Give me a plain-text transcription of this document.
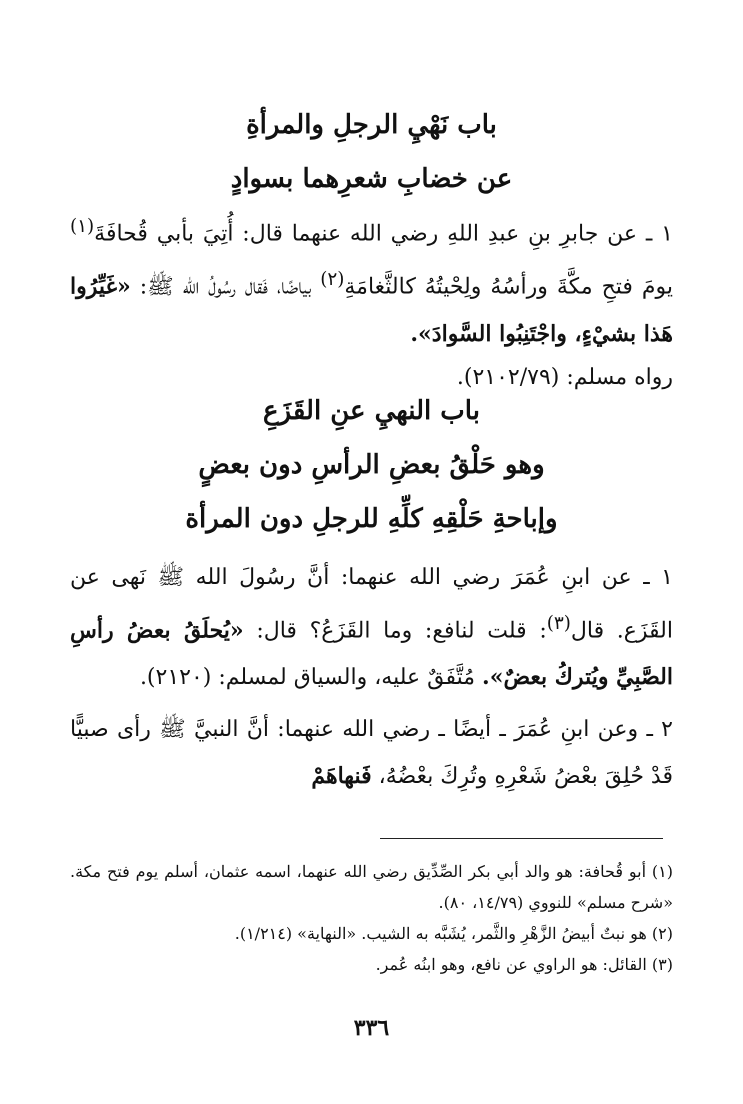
باب نَهْيِ الرجلِ والمرأةِ
عن خضابِ شعرِهما بسوادٍ

١ ـ عن جابرِ بنِ عبدِ اللهِ رضي الله عنهما قال: أُتِيَ بأبي قُحافَةَ$^{(١)}$ يومَ فتحِ مكَّةَ ورأسُهُ ولِحْيتُهُ كالثَّغامَةِ$^{(٢)}$ بياضًا، فَقال رسُولُ الله ﷺ: «غَيِّرُوا هَذا بشيْءٍ، واجْتَنِبُوا السَّوادَ».

رواه مسلم: (٢١٠٢/٧٩).

باب النهيِ عنِ القَزَعِ
وهو حَلْقُ بعضِ الرأسِ دون بعضٍ
وإباحةِ حَلْقِهِ كلِّهِ للرجلِ دون المرأة

١ ـ عن ابنِ عُمَرَ رضي الله عنهما: أنَّ رسُولَ الله ﷺ نَهى عن القَزَع. قال$^{(٣)}$: قلت لنافع: وما القَزَعُ؟ قال: «يُحلَقُ بعضُ رأسِ الصَّبِيِّ ويُتركُ بعضٌ». مُتَّفَقٌ عليه، والسياق لمسلم: (٢١٢٠).

٢ ـ وعن ابنِ عُمَرَ ـ أيضًا ـ رضي الله عنهما: أنَّ النبيَّ ﷺ رأى صبيًّا قَدْ حُلِقَ بعْضُ شَعْرِهِ وتُرِكَ بعْضُهُ، فَنهاهَمْ

(١) أبو قُحافة: هو والد أبي بكر الصِّدِّيق رضي الله عنهما، اسمه عثمان، أسلم يوم فتح مكة. «شرح مسلم» للنووي (١٤/٧٩، ٨٠).

(٢) هو نبتٌ أبيضُ الزَّهْرِ والثَّمر، يُشَبَّه به الشيب. «النهاية» (١/٢١٤).

(٣) القائل: هو الراوي عن نافع، وهو ابنُه عُمر.

٣٣٦
